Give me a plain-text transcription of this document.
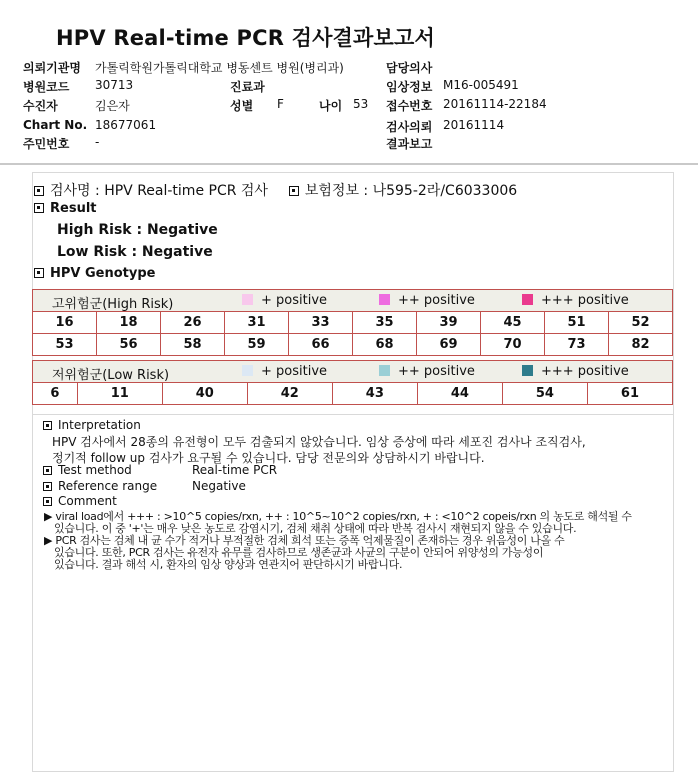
HPV Real-time PCR 검사결과보고서
의뢰기관명 가톨릭학원가톨릭대학교 병동센트 병원(병리과)	담당의사
병원코드 30713	진료과	임상정보 M16-005491
수진자	김은자	성별 F	나이 53 접수번호 20161114-22184
Chart No. 18677061	검사의뢰 20161114
주민번호 -	결과보고
검사명 : HPV Real-time PCR 검사	보험정보 : 나595-2라/C6033006
Result
High Risk : Negative
Low Risk : Negative
HPV Genotype
고위험군(High Risk) + positive ++ positive +++ positive									

16	18	26	31	33	35	39	45	51	52
53	56	58	59	66	68	69	70	73	82
저위험군(Low Risk)	+ positive	++ positive	+++ positive

6	11	40	42	43	44	54	61
Interpretation
HPV 검사에서 28종의 유전형이 모두 검출되지 않았습니다. 임상 증상에 따라 세포진 검사나 조직검사,
정기적 follow up 검사가 요구될 수 있습니다. 담당 전문의와 상담하시기 바랍니다.
Test method	Real-time PCR
Reference range	Negative
Comment
▶ viral load에서 +++ : >10^5 copies/rxn, ++ : 10^5~10^2 copies/rxn, + : <10^2 copeis/rxn 의 농도로 해석될 수
있습니다. 이 중 '+'는 매우 낮은 농도로 감염시기, 검체 채취 상태에 따라 반복 검사시 재현되지 않을 수 있습니다.
▶ PCR 검사는 검체 내 균 수가 적거나 부적절한 검체 희석 또는 증폭 억제물질이 존재하는 경우 위음성이 나올 수
있습니다. 또한, PCR 검사는 유전자 유무를 검사하므로 생존균과 사균의 구분이 안되어 위양성의 가능성이
있습니다. 결과 해석 시, 환자의 임상 양상과 연관지어 판단하시기 바랍니다.
